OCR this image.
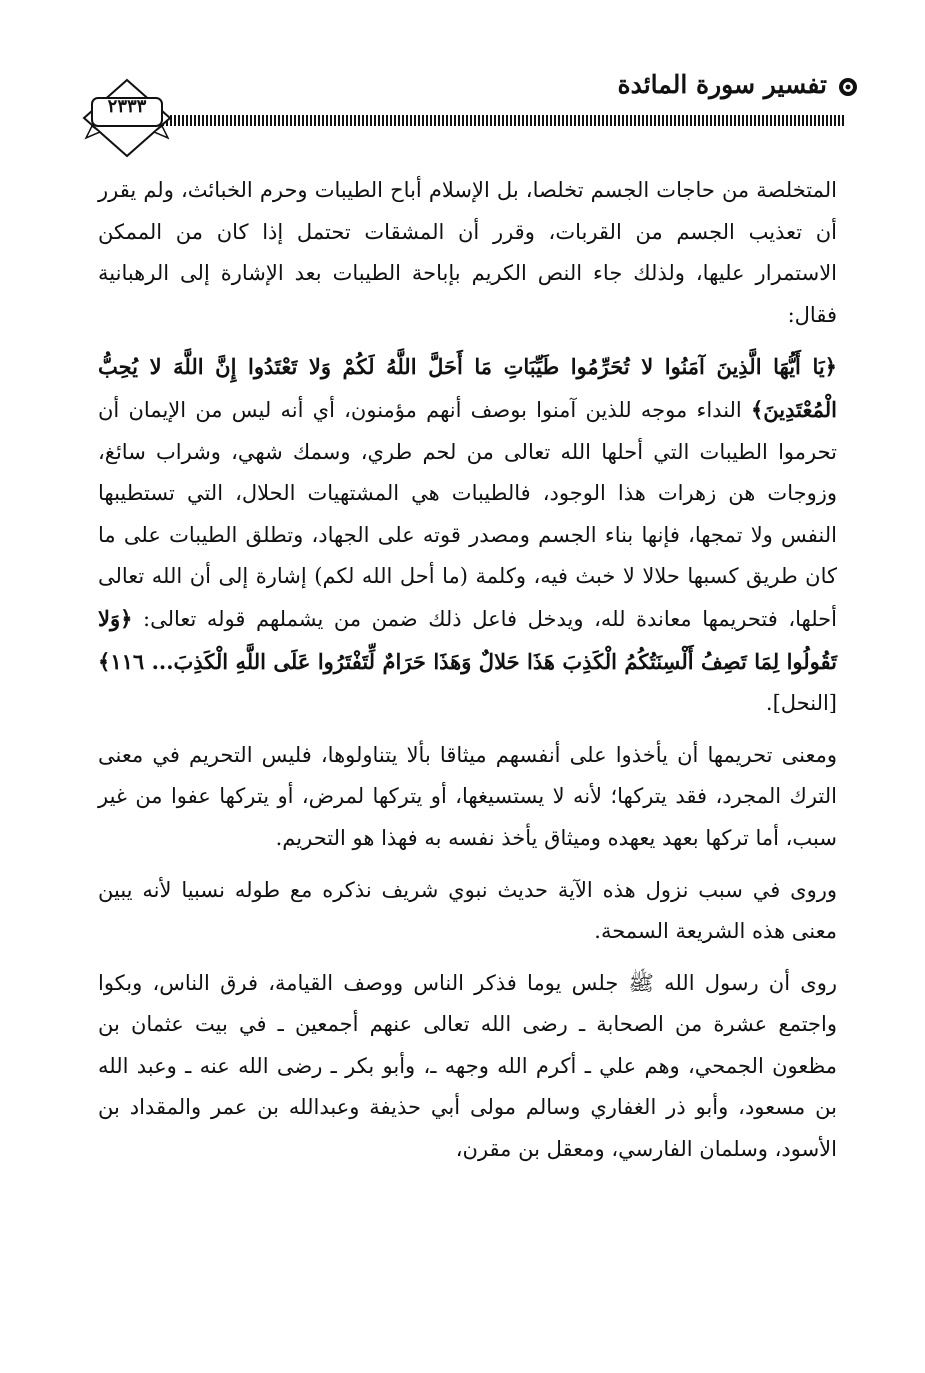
تفسير سورة المائدة
٢٣٣٣

المتخلصة من حاجات الجسم تخلصا، بل الإسلام أباح الطيبات وحرم الخبائث، ولم يقرر أن تعذيب الجسم من القربات، وقرر أن المشقات تحتمل إذا كان من الممكن الاستمرار عليها، ولذلك جاء النص الكريم بإباحة الطيبات بعد الإشارة إلى الرهبانية فقال:

﴿يَا أَيُّهَا الَّذِينَ آمَنُوا لا تُحَرِّمُوا طَيِّبَاتِ مَا أَحَلَّ اللَّهُ لَكُمْ وَلا تَعْتَدُوا إِنَّ اللَّهَ لا يُحِبُّ الْمُعْتَدِينَ﴾ النداء موجه للذين آمنوا بوصف أنهم مؤمنون، أي أنه ليس من الإيمان أن تحرموا الطيبات التي أحلها الله تعالى من لحم طري، وسمك شهي، وشراب سائغ، وزوجات هن زهرات هذا الوجود، فالطيبات هي المشتهيات الحلال، التي تستطيبها النفس ولا تمجها، فإنها بناء الجسم ومصدر قوته على الجهاد، وتطلق الطيبات على ما كان طريق كسبها حلالا لا خبث فيه، وكلمة (ما أحل الله لكم) إشارة إلى أن الله تعالى أحلها، فتحريمها معاندة لله، ويدخل فاعل ذلك ضمن من يشملهم قوله تعالى: ﴿وَلا تَقُولُوا لِمَا تَصِفُ أَلْسِنَتُكُمُ الْكَذِبَ هَذَا حَلالٌ وَهَذَا حَرَامٌ لِّتَفْتَرُوا عَلَى اللَّهِ الْكَذِبَ... ١١٦﴾ [النحل].

ومعنى تحريمها أن يأخذوا على أنفسهم ميثاقا بألا يتناولوها، فليس التحريم في معنى الترك المجرد، فقد يتركها؛ لأنه لا يستسيغها، أو يتركها لمرض، أو يتركها عفوا من غير سبب، أما تركها بعهد يعهده وميثاق يأخذ نفسه به فهذا هو التحريم.

وروى في سبب نزول هذه الآية حديث نبوي شريف نذكره مع طوله نسبيا لأنه يبين معنى هذه الشريعة السمحة.

روى أن رسول الله ﷺ جلس يوما فذكر الناس ووصف القيامة، فرق الناس، وبكوا واجتمع عشرة من الصحابة ـ رضى الله تعالى عنهم أجمعين ـ في بيت عثمان بن مظعون الجمحي، وهم علي ـ أكرم الله وجهه ـ، وأبو بكر ـ رضى الله عنه ـ وعبد الله بن مسعود، وأبو ذر الغفاري وسالم مولى أبي حذيفة وعبدالله بن عمر والمقداد بن الأسود، وسلمان الفارسي، ومعقل بن مقرن،
